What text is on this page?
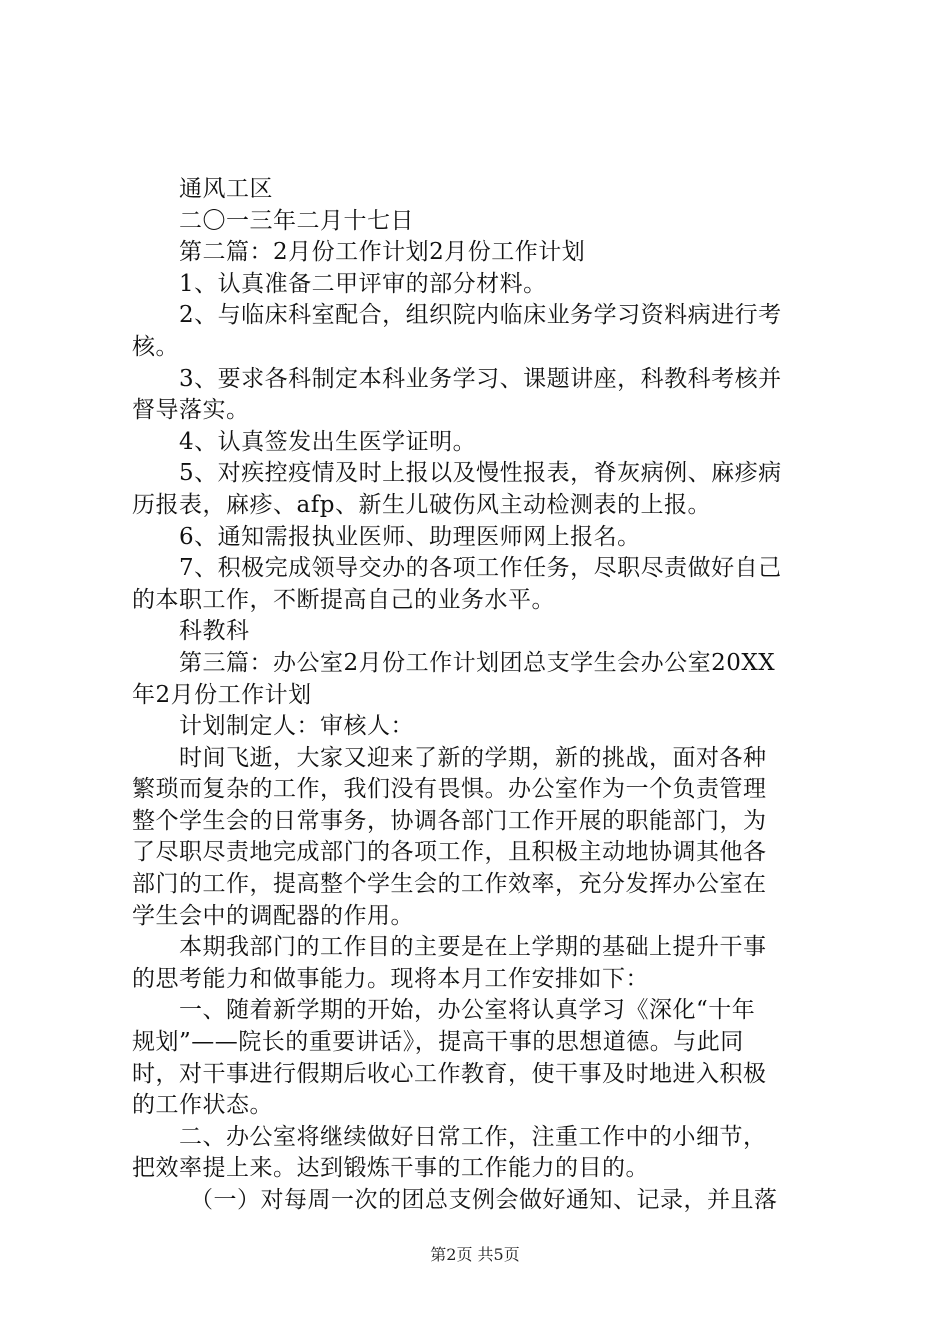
通风工区
二〇一三年二月十七日
第二篇：2月份工作计划2月份工作计划
1、认真准备二甲评审的部分材料。
2、与临床科室配合，组织院内临床业务学习资料病进行考
核。
3、要求各科制定本科业务学习、课题讲座，科教科考核并
督导落实。
4、认真签发出生医学证明。
5、对疾控疫情及时上报以及慢性报表，脊灰病例、麻疹病
历报表，麻疹、afp、新生儿破伤风主动检测表的上报。
6、通知需报执业医师、助理医师网上报名。
7、积极完成领导交办的各项工作任务，尽职尽责做好自己
的本职工作，不断提高自己的业务水平。
科教科
第三篇：办公室2月份工作计划团总支学生会办公室20XX
年2月份工作计划
计划制定人：审核人：
时间飞逝，大家又迎来了新的学期，新的挑战，面对各种
繁琐而复杂的工作，我们没有畏惧。办公室作为一个负责管理
整个学生会的日常事务，协调各部门工作开展的职能部门，为
了尽职尽责地完成部门的各项工作，且积极主动地协调其他各
部门的工作，提高整个学生会的工作效率，充分发挥办公室在
学生会中的调配器的作用。
本期我部门的工作目的主要是在上学期的基础上提升干事
的思考能力和做事能力。现将本月工作安排如下：
一、随着新学期的开始，办公室将认真学习《深化“十年
规划”——院长的重要讲话》，提高干事的思想道德。与此同
时，对干事进行假期后收心工作教育，使干事及时地进入积极
的工作状态。
二、办公室将继续做好日常工作，注重工作中的小细节，
把效率提上来。达到锻炼干事的工作能力的目的。
（一）对每周一次的团总支例会做好通知、记录，并且落
第2页 共5页
